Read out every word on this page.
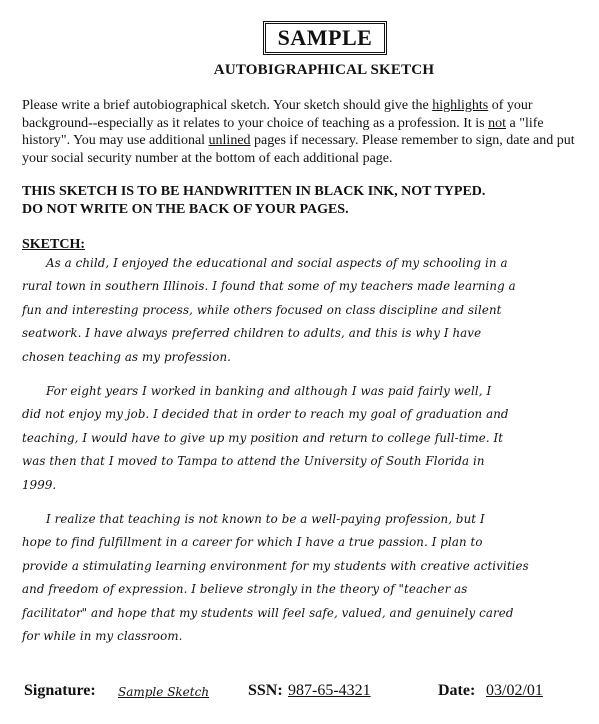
SAMPLE
AUTOBIGRAPHICAL SKETCH
Please write a brief autobiographical sketch. Your sketch should give the highlights of your background--especially as it relates to your choice of teaching as a profession. It is not a "life history". You may use additional unlined pages if necessary. Please remember to sign, date and put your social security number at the bottom of each additional page.
THIS SKETCH IS TO BE HANDWRITTEN IN BLACK INK, NOT TYPED.
DO NOT WRITE ON THE BACK OF YOUR PAGES.
SKETCH:
As a child, I enjoyed the educational and social aspects of my schooling in a
rural town in southern Illinois. I found that some of my teachers made learning a
fun and interesting process, while others focused on class discipline and silent
seatwork. I have always preferred children to adults, and this is why I have
chosen teaching as my profession.
For eight years I worked in banking and although I was paid fairly well, I
did not enjoy my job. I decided that in order to reach my goal of graduation and
teaching, I would have to give up my position and return to college full-time. It
was then that I moved to Tampa to attend the University of South Florida in
1999.
I realize that teaching is not known to be a well-paying profession, but I
hope to find fulfillment in a career for which I have a true passion. I plan to
provide a stimulating learning environment for my students with creative activities
and freedom of expression. I believe strongly in the theory of "teacher as
facilitator" and hope that my students will feel safe, valued, and genuinely cared
for while in my classroom.
Signature: Sample Sketch SSN: 987-65-4321	Date: 03/02/01
